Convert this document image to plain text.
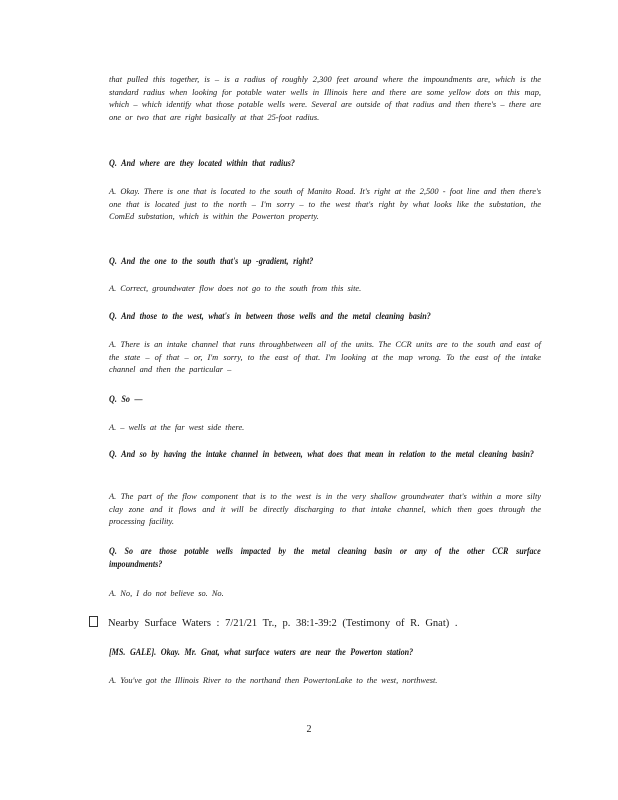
that pulled this together, is – is a radius of roughly 2,300 feet around where the impoundments are, which is the standard radius when looking for potable water wells in Illinois here and there are some yellow dots on this map, which – which identify what those potable wells were. Several are outside of that radius and then there's – there are one or two that are right basically at that 25-foot radius.

Q. And where are they located within that radius?

A. Okay. There is one that is located to the south of Manito Road. It's right at the 2,500 - foot line and then there's one that is located just to the north – I'm sorry – to the west that's right by what looks like the substation, the ComEd substation, which is within the Powerton property.

Q. And the one to the south that's up -gradient, right?

A. Correct, groundwater flow does not go to the south from this site.

Q. And those to the west, what's in between those wells and the metal cleaning basin?

A. There is an intake channel that runs throughbetween all of the units. The CCR units are to the south and east of the state – of that – or, I'm sorry, to the east of that. I'm looking at the map wrong. To the east of the intake channel and then the particular –

Q. So —

A. – wells at the far west side there.

Q. And so by having the intake channel in between, what does that mean in relation to the metal cleaning basin?

A. The part of the flow component that is to the west is in the very shallow groundwater that's within a more silty clay zone and it flows and it will be directly discharging to that intake channel, which then goes through the processing facility.

Q. So are those potable wells impacted by the metal cleaning basin or any of the other CCR surface impoundments?

A. No, I do not believe so. No.

Nearby Surface Waters : 7/21/21 Tr., p. 38:1-39:2 (Testimony of R. Gnat) .

[MS. GALE]. Okay. Mr. Gnat, what surface waters are near the Powerton station?

A. You've got the Illinois River to the northand then PowertonLake to the west, northwest.

2
